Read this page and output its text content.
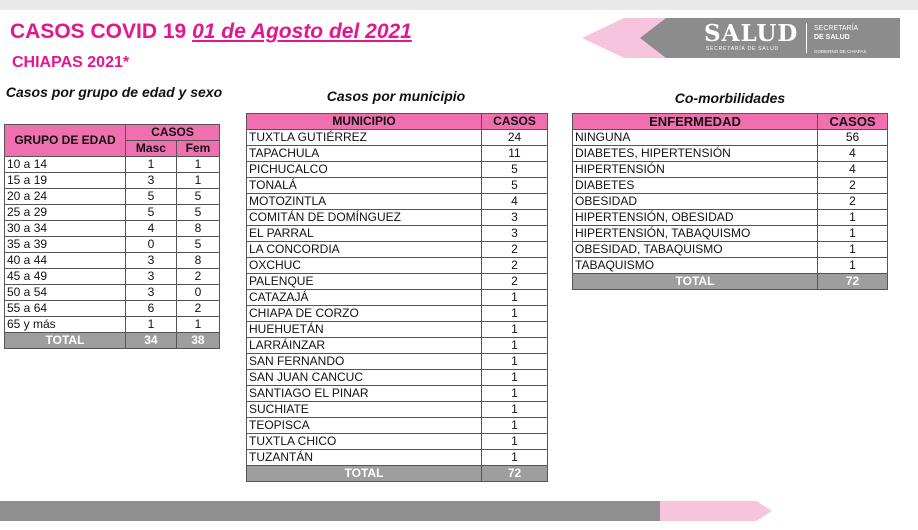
CASOS COVID 19 01 de Agosto del 2021
CHIAPAS 2021*
SALUD
SECRETARÍA DE SALUD
SECRETARÍA
DE SALUD
GOBIERNO DE CHIAPAS
Casos por grupo de edad y sexo
GRUPO DE EDAD	CASOS	
	Masc	Fem
10 a 14	1	1
15 a 19	3	1
20 a 24	5	5
25 a 29	5	5
30 a 34	4	8
35 a 39	0	5
40 a 44	3	8
45 a 49	3	2
50 a 54	3	0
55 a 64	6	2
65 y más	1	1
TOTAL	34	38
Casos por municipio
MUNICIPIO	CASOS
TUXTLA GUTIÉRREZ	24
TAPACHULA	11
PICHUCALCO	5
TONALÁ	5
MOTOZINTLA	4
COMITÁN DE DOMÍNGUEZ	3
EL PARRAL	3
LA CONCORDIA	2
OXCHUC	2
PALENQUE	2
CATAZAJÁ	1
CHIAPA DE CORZO	1
HUEHUETÁN	1
LARRÁINZAR	1
SAN FERNANDO	1
SAN JUAN CANCUC	1
SANTIAGO EL PINAR	1
SUCHIATE	1
TEOPISCA	1
TUXTLA CHICO	1
TUZANTÁN	1
TOTAL	72
Co-morbilidades
ENFERMEDAD	CASOS
NINGUNA	56
DIABETES, HIPERTENSIÓN	4
HIPERTENSIÓN	4
DIABETES	2
OBESIDAD	2
HIPERTENSIÓN, OBESIDAD	1
HIPERTENSIÓN, TABAQUISMO	1
OBESIDAD, TABAQUISMO	1
TABAQUISMO	1
TOTAL	72
